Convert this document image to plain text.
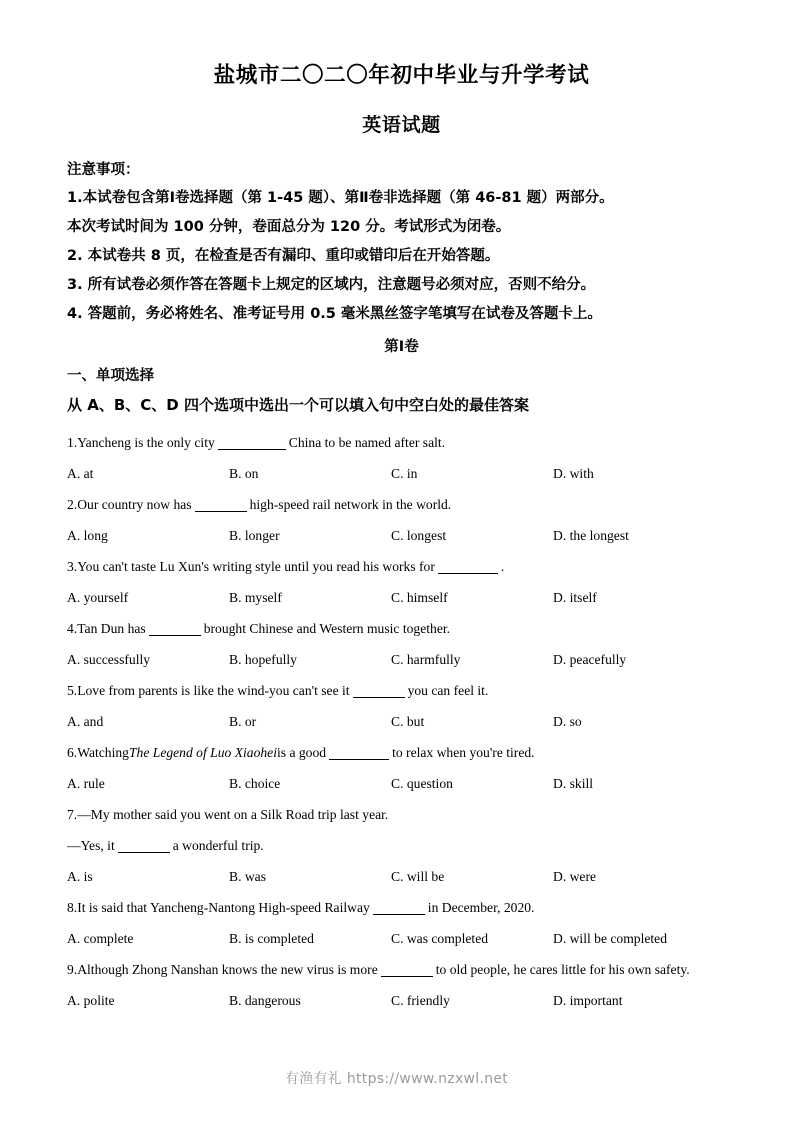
盐城市二〇二〇年初中毕业与升学考试
英语试题
注意事项：
1.本试卷包含第Ⅰ卷选择题（第 1-45 题）、第Ⅱ卷非选择题（第 46-81 题）两部分。
本次考试时间为 100 分钟，卷面总分为 120 分。考试形式为闭卷。
2. 本试卷共 8 页，在检查是否有漏印、重印或错印后在开始答题。
3. 所有试卷必须作答在答题卡上规定的区域内，注意题号必须对应，否则不给分。
4. 答题前，务必将姓名、准考证号用 0.5 毫米黑丝签字笔填写在试卷及答题卡上。
第Ⅰ卷
一、单项选择
从 A、B、C、D 四个选项中选出一个可以填入句中空白处的最佳答案
1. Yancheng is the only city	China to be named after salt.
A. at	B. on	C. in	D. with
2. Our country now has	high-speed rail network in the world.
A. long	B. longer	C. longest	D. the longest
3. You can't taste Lu Xun's writing style until you read his works for	.
A. yourself	B. myself	C. himself	D. itself
4. Tan Dun has	brought Chinese and Western music together.
A. successfully	B. hopefully	C. harmfully	D. peacefully
5. Love from parents is like the wind-you can't see it	you can feel it.
A. and	B. or	C. but	D. so
6. Watching The Legend of Luo Xiaohei is a good	to relax when you're tired.
A. rule	B. choice	C. question	D. skill
7. —My mother said you went on a Silk Road trip last year.
—Yes, it	a wonderful trip.
A. is	B. was	C. will be	D. were
8. It is said that Yancheng-Nantong High-speed Railway	in December, 2020.
A. complete	B. is completed	C. was completed	D. will be completed
9. Although Zhong Nanshan knows the new virus is more	to old people, he cares little for his own safety.
A. polite	B. dangerous	C. friendly	D. important
有渔有礼 https://www.nzxwl.net
